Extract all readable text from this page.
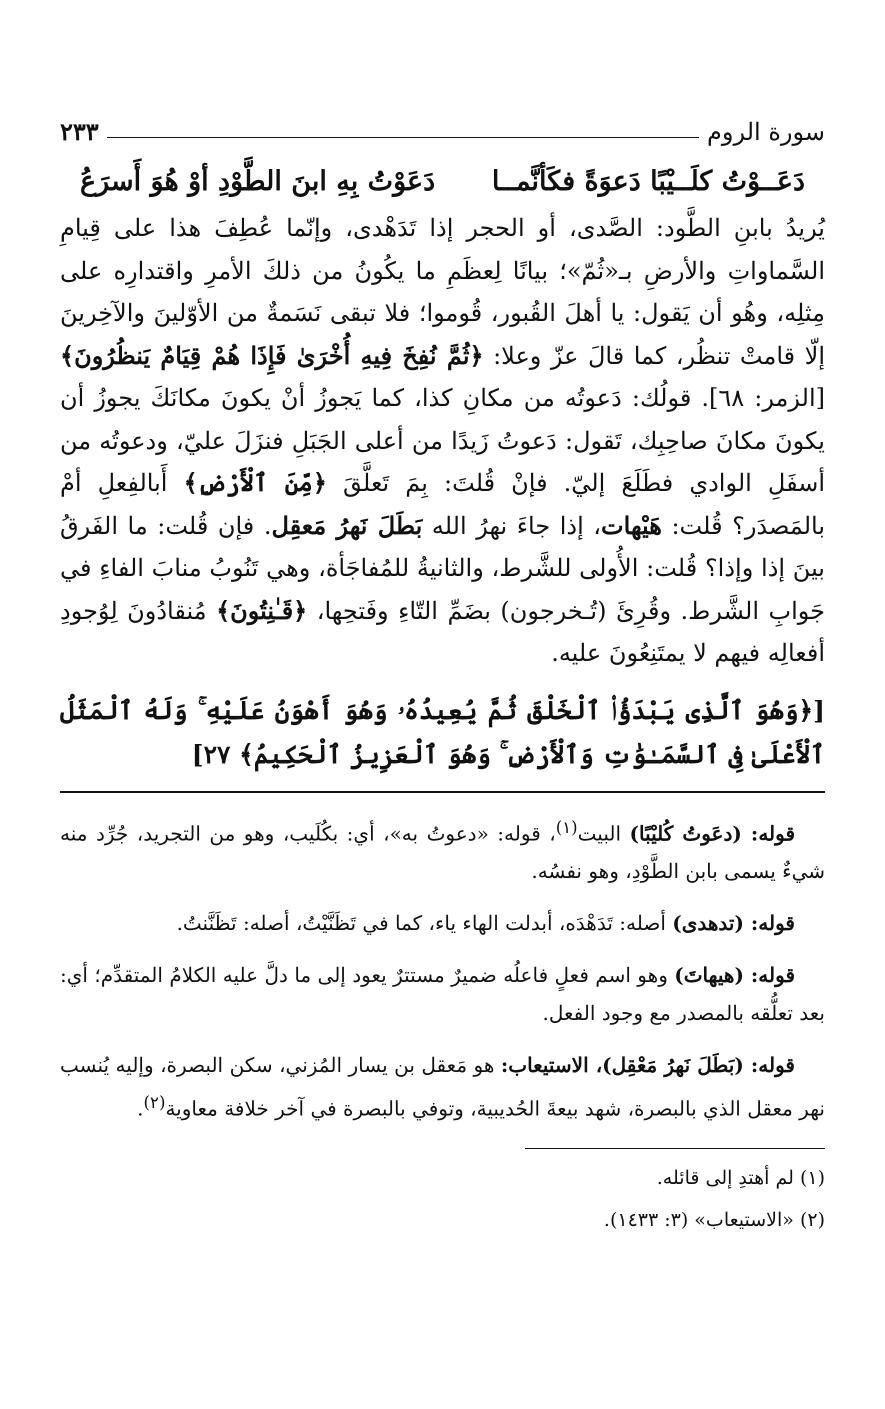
سورة الروم
٢٣٣
دَعَــوْتُ كلَــيْبًا دَعوَةً فكَأنَّمــا
دَعَوْتُ بِهِ ابنَ الطَّوْدِ أوْ هُوَ أَسرَعُ

يُريدُ بابنِ الطَّود: الصَّدى، أو الحجر إذا تَدَهْدى، وإنّما عُطِفَ هذا على قِيامِ السَّماواتِ والأرضِ بـ«ثُمّ»؛ بيانًا لِعظَمِ ما يكُونُ من ذلكَ الأمرِ واقتدارِه على مِثلِه، وهُو أن يَقول: يا أهلَ القُبور، قُوموا؛ فلا تبقى نَسَمةٌ من الأوّلينَ والآخِرينَ إلّا قامتْ تنظُر، كما قالَ عزّ وعلا: ﴿ثُمَّ نُفِخَ فِيهِ أُخْرَىٰ فَإِذَا هُمْ قِيَامٌ يَنظُرُونَ﴾ [الزمر: ٦٨]. قولُك: دَعوتُه من مكانِ كذا، كما يَجوزُ أنْ يكونَ مكانَكَ يجوزُ أن يكونَ مكانَ صاحِبِك، تَقول: دَعوتُ زَيدًا من أعلى الجَبَلِ فنزَلَ عليّ، ودعوتُه من أسفَلِ الوادي فطَلَعَ إليّ. فإنْ قُلتَ: بِمَ تَعلَّقَ ﴿مِّنَ ٱلْأَرْضِ﴾ أَبالفِعلِ أمْ بالمَصدَر؟ قُلت: هَيْهات، إذا جاءَ نهرُ الله بَطَلَ نَهرُ مَعقِل. فإن قُلت: ما الفَرقُ بينَ إذا وإذا؟ قُلت: الأُولى للشَّرط، والثانيةُ للمُفاجَأة، وهي تَنُوبُ منابَ الفاءِ في جَوابِ الشَّرط. وقُرِئَ (تُـخرجون) بضَمِّ التّاءِ وفَتحِها، ﴿قَـٰنِتُونَ﴾ مُنقادُونَ لِوُجودِ أفعالِه فيهم لا يمتَنِعُونَ عليه.

[﴿وَهُوَ ٱلَّذِى يَبْدَؤُا۟ ٱلْخَلْقَ ثُمَّ يُعِيدُهُۥ وَهُوَ أَهْوَنُ عَلَيْهِ ۚ وَلَهُ ٱلْمَثَلُ ٱلْأَعْلَىٰ فِى ٱلسَّمَـٰوَٰتِ وَٱلْأَرْضِ ۚ وَهُوَ ٱلْعَزِيزُ ٱلْحَكِيمُ﴾ ٢٧]

قوله: (دعَوتُ كُليْبًا) البيت$^{(١)}$، قوله: «دعوتُ به»، أي: بكُلَيب، وهو من التجريد، جُرِّد منه شيءٌ يسمى بابن الطَّوْدِ، وهو نفسُه.

قوله: (تدهدى) أصله: تَدَهْدَه، أبدلت الهاء ياء، كما في تَظَنَّيْتُ، أصله: تَظَنَّنتُ.

قوله: (هيهاتَ) وهو اسم فعلٍ فاعلُه ضميرٌ مستترٌ يعود إلى ما دلَّ عليه الكلامُ المتقدِّم؛ أي: بعد تعلُّقه بالمصدر مع وجود الفعل.

قوله: (بَطَلَ نَهرُ مَعْقِل)، الاستيعاب: هو مَعقل بن يسار المُزني، سكن البصرة، وإليه يُنسب نهر معقل الذي بالبصرة، شهد بيعةَ الحُديبية، وتوفي بالبصرة في آخر خلافة معاوية$^{(٢)}$.

(١) لم أهتدِ إلى قائله.
(٢) «الاستيعاب» (٣: ١٤٣٣).
